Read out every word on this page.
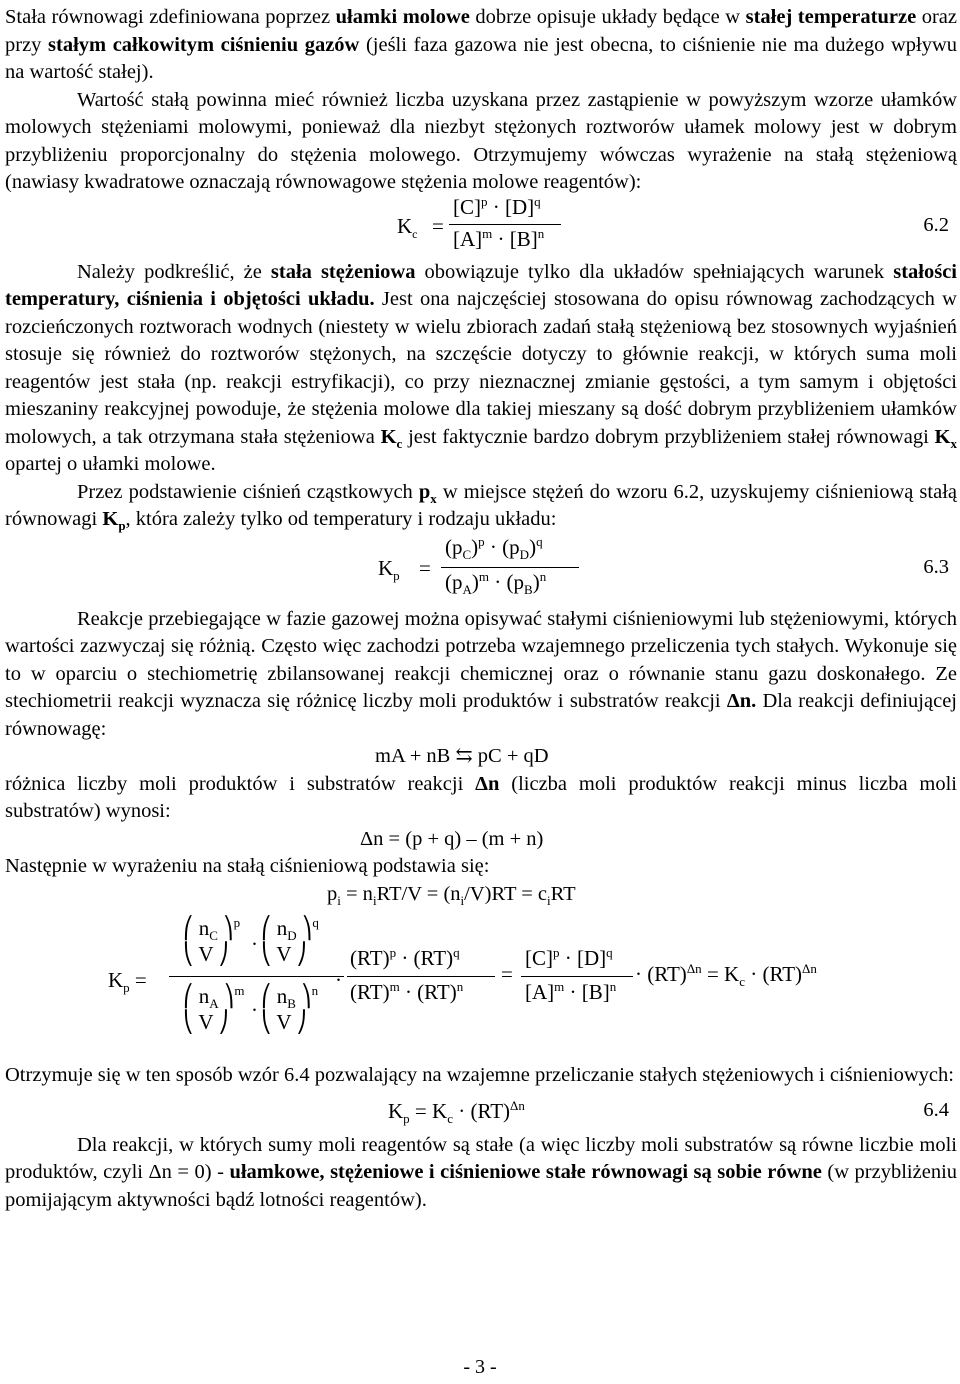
Stała równowagi zdefiniowana poprzez ułamki molowe dobrze opisuje układy będące w stałej temperaturze oraz przy stałym całkowitym ciśnieniu gazów (jeśli faza gazowa nie jest obecna, to ciśnienie nie ma dużego wpływu na wartość stałej).

Wartość stałą powinna mieć również liczba uzyskana przez zastąpienie w powyższym wzorze ułamków molowych stężeniami molowymi, ponieważ dla niezbyt stężonych roztworów ułamek molowy jest w dobrym przybliżeniu proporcjonalny do stężenia molowego. Otrzymujemy wówczas wyrażenie na stałą stężeniową (nawiasy kwadratowe oznaczają równowagowe stężenia molowe reagentów):

$K_c$ =
$[C]^p \cdot [D]^q$
$[A]^m \cdot [B]^n$	6.2

Należy podkreślić, że stała stężeniowa obowiązuje tylko dla układów spełniających warunek stałości temperatury, ciśnienia i objętości układu. Jest ona najczęściej stosowana do opisu równowag zachodzących w rozcieńczonych roztworach wodnych (niestety w wielu zbiorach zadań stałą stężeniową bez stosownych wyjaśnień stosuje się również do roztworów stężonych, na szczęście dotyczy to głównie reakcji, w których suma moli reagentów jest stała (np. reakcji estryfikacji), co przy nieznacznej zmianie gęstości, a tym samym i objętości mieszaniny reakcyjnej powoduje, że stężenia molowe dla takiej mieszany są dość dobrym przybliżeniem ułamków molowych, a tak otrzymana stała stężeniowa $K_c$ jest faktycznie bardzo dobrym przybliżeniem stałej równowagi $K_x$ opartej o ułamki molowe.

Przez podstawienie ciśnień cząstkowych $p_x$ w miejsce stężeń do wzoru 6.2, uzyskujemy ciśnieniową stałą równowagi $K_p$, która zależy tylko od temperatury i rodzaju układu:

$K_p$ =
$(p_C)^p \cdot (p_D)^q$
$(p_A)^m \cdot (p_B)^n$	6.3

Reakcje przebiegające w fazie gazowej można opisywać stałymi ciśnieniowymi lub stężeniowymi, których wartości zazwyczaj się różnią. Często więc zachodzi potrzeba wzajemnego przeliczenia tych stałych. Wykonuje się to w oparciu o stechiometrię zbilansowanej reakcji chemicznej oraz o równanie stanu gazu doskonałego. Ze stechiometrii reakcji wyznacza się różnicę liczby moli produktów i substratów reakcji Δn. Dla reakcji definiującej równowagę:

mA + nB ⇆ pC + qD

różnica liczby moli produktów i substratów reakcji Δn (liczba moli produktów reakcji minus liczba moli substratów) wynosi:

Δn = (p + q) – (m + n)

Następnie w wyrażeniu na stałą ciśnieniową podstawia się:

$p_i = n_iRT/V = (n_i/V)RT = c_iRT$

$K_p$ =
⎛ $n_C$ ⎞$^p$
⎝ V ⎠ ·
⎛ $n_D$ ⎞$^q$
⎝ V ⎠
⎛ $n_A$ ⎞$^m$
⎝ V ⎠ ·
⎛ $n_B$ ⎞$^n$
⎝ V ⎠
·
(RT)$^p$ · (RT)$^q$
(RT)$^m$ · (RT)$^n$
=
$[C]^p \cdot [D]^q$
$[A]^m \cdot [B]^n$
· $(RT)^{\Delta n} = K_c \cdot (RT)^{\Delta n}$

Otrzymuje się w ten sposób wzór 6.4 pozwalający na wzajemne przeliczanie stałych stężeniowych i ciśnieniowych:

$K_p = K_c \cdot (RT)^{\Delta n}$	6.4

Dla reakcji, w których sumy moli reagentów są stałe (a więc liczby moli substratów są równe liczbie moli produktów, czyli Δn = 0) - ułamkowe, stężeniowe i ciśnieniowe stałe równowagi są sobie równe (w przybliżeniu pomijającym aktywności bądź lotności reagentów).

- 3 -
